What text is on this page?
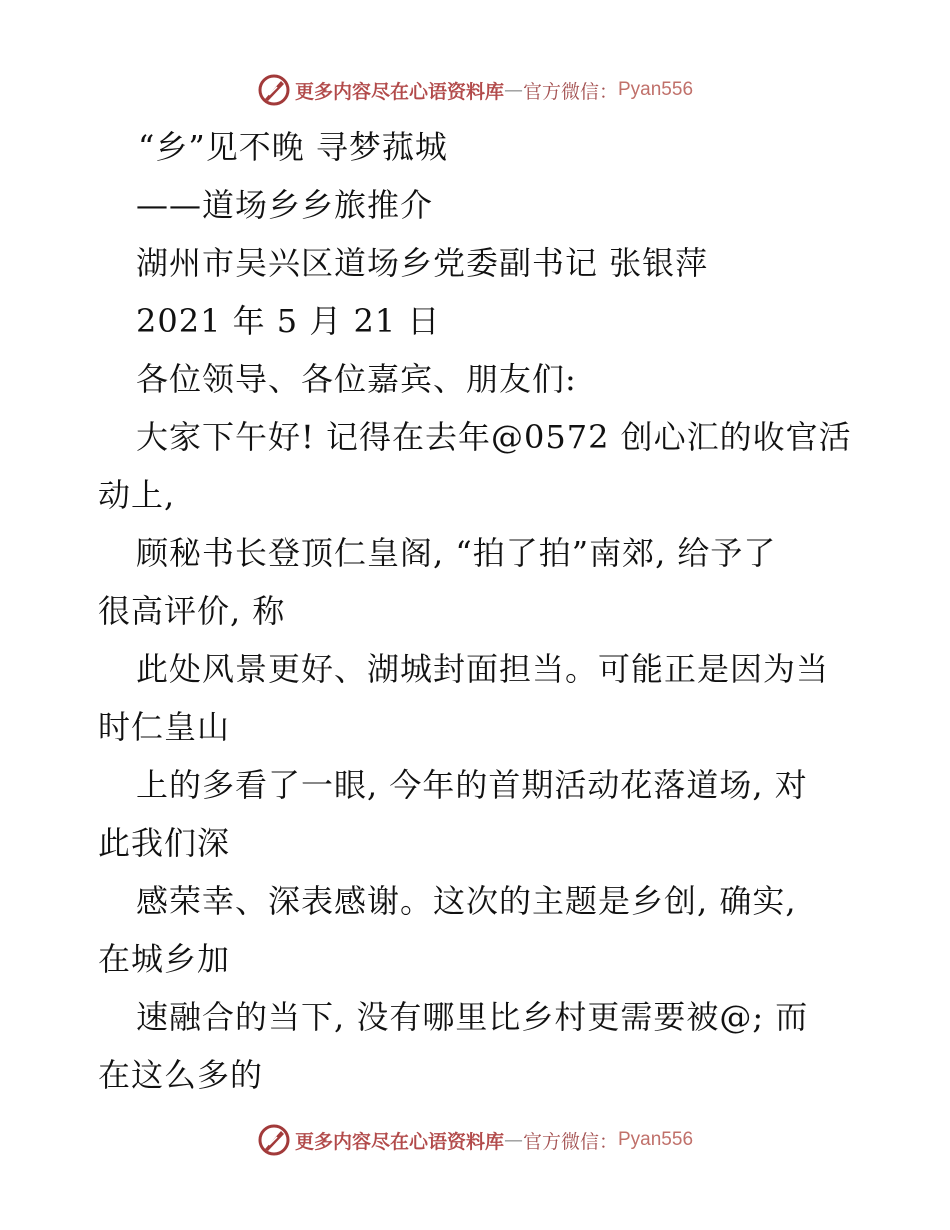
更多内容尽在心语资料库 — 官方微信： Pyan556
“乡”见不晚 寻梦菰城
——道场乡乡旅推介
湖州市吴兴区道场乡党委副书记 张银萍
2021 年 5 月 21 日
各位领导、各位嘉宾、朋友们:
大家下午好! 记得在去年@0572 创心汇的收官活
动上,
顾秘书长登顶仁皇阁, “拍了拍”南郊, 给予了
很高评价, 称
此处风景更好、湖城封面担当。可能正是因为当
时仁皇山
上的多看了一眼, 今年的首期活动花落道场, 对
此我们深
感荣幸、深表感谢。这次的主题是乡创, 确实,
在城乡加
速融合的当下, 没有哪里比乡村更需要被@; 而
在这么多的
更多内容尽在心语资料库 — 官方微信： Pyan556
